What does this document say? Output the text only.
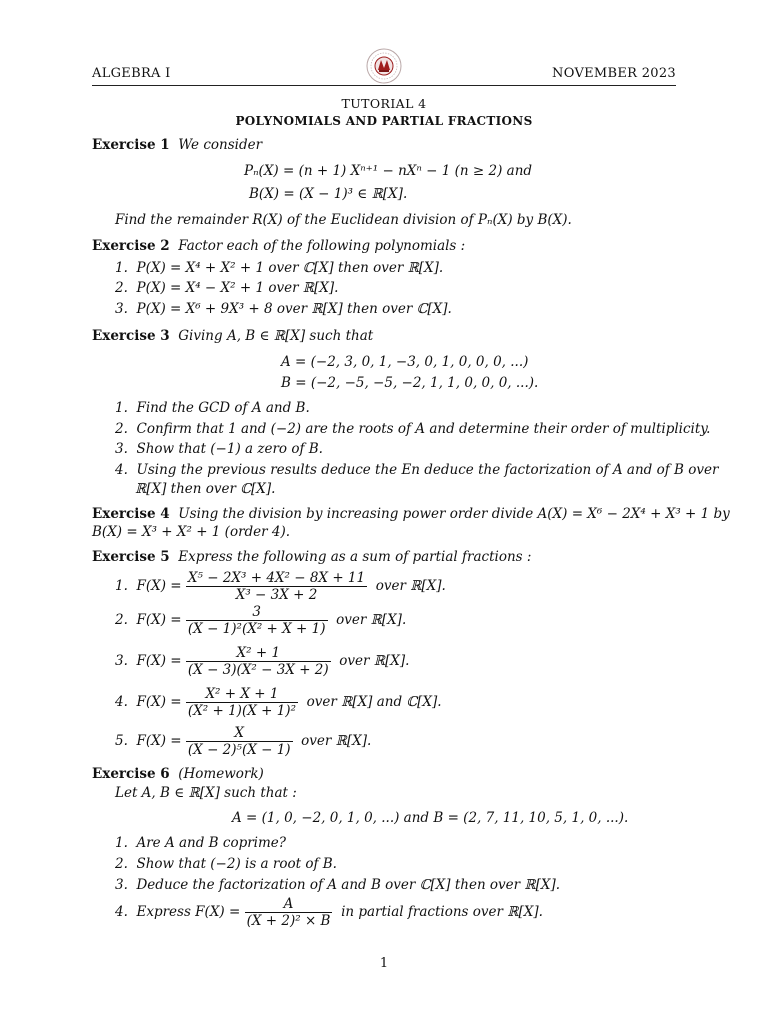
ALGEBRA I	NOVEMBER 2023
TUTORIAL 4
POLYNOMIALS AND PARTIAL FRACTIONS
Exercise 1 We consider
Pₙ(X) = (n + 1) Xⁿ⁺¹ − nXⁿ − 1 (n ≥ 2) and
B(X) = (X − 1)³ ∈ ℝ[X].
Find the remainder R(X) of the Euclidean division of Pₙ(X) by B(X).
Exercise 2 Factor each of the following polynomials :
1. P(X) = X⁴ + X² + 1 over ℂ[X] then over ℝ[X].
2. P(X) = X⁴ − X² + 1 over ℝ[X].
3. P(X) = X⁶ + 9X³ + 8 over ℝ[X] then over ℂ[X].
Exercise 3 Giving A, B ∈ ℝ[X] such that
A = (−2, 3, 0, 1, −3, 0, 1, 0, 0, 0, ...)
B = (−2, −5, −5, −2, 1, 1, 0, 0, 0, ...).
1. Find the GCD of A and B.
2. Confirm that 1 and (−2) are the roots of A and determine their order of multiplicity.
3. Show that (−1) a zero of B.
4. Using the previous results deduce the En deduce the factorization of A and of B over
ℝ[X] then over ℂ[X].
Exercise 4 Using the division by increasing power order divide A(X) = X⁶ − 2X⁴ + X³ + 1 by
B(X) = X³ + X² + 1 (order 4).
Exercise 5 Express the following as a sum of partial fractions :
1. $F(X) = \frac{\text{X⁵ − 2X³ + 4X² − 8X + 11}}{\text{X³ − 3X + 2}}$ over ℝ[X].
2. $F(X) = \frac{3}{\text{(X − 1)²(X² + X + 1)}}$ over ℝ[X].
3. $F(X) = \frac{\text{X² + 1}}{\text{(X − 3)(X² − 3X + 2)}}$ over ℝ[X].
4. $F(X) = \frac{\text{X² + X + 1}}{\text{(X² + 1)(X + 1)²}}$ over ℝ[X] and ℂ[X].
5. $F(X) = \frac{X}{\text{(X − 2)⁵(X − 1)}}$ over ℝ[X].
Exercise 6 (Homework)
Let A, B ∈ ℝ[X] such that :
A = (1, 0, −2, 0, 1, 0, ...) and B = (2, 7, 11, 10, 5, 1, 0, ...).
1. Are A and B coprime?
2. Show that (−2) is a root of B.
3. Deduce the factorization of A and B over ℂ[X] then over ℝ[X].
4. Express $F(X) = \frac{A}{\text{(X + 2)² × B}}$ in partial fractions over ℝ[X].
1
